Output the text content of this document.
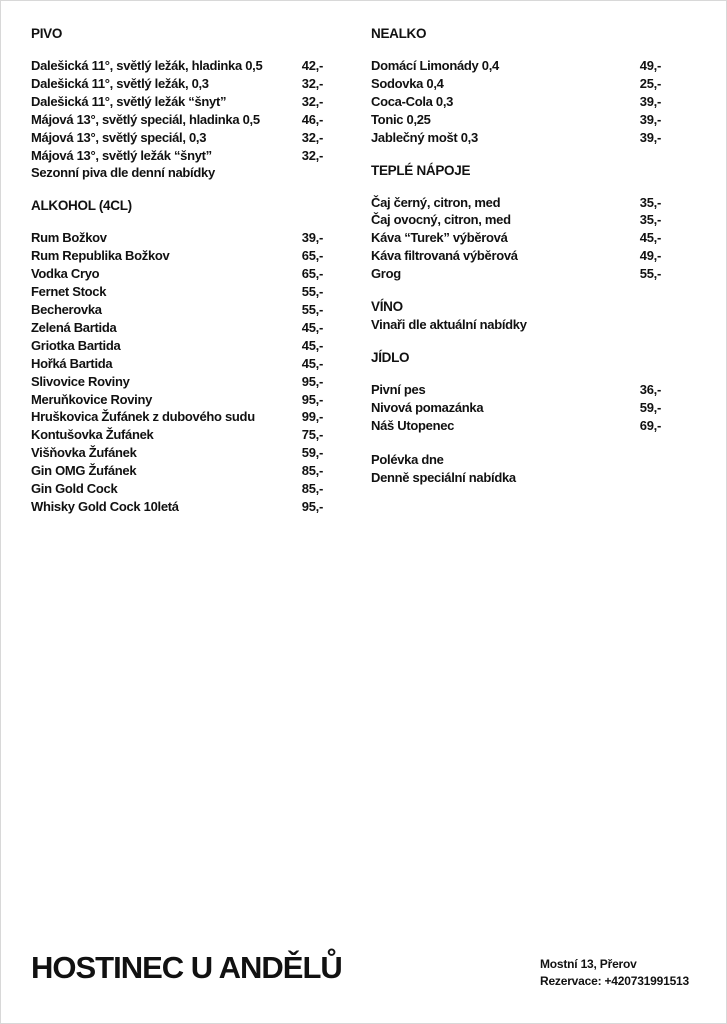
PIVO
Dalešická 11°, světlý ležák, hladinka 0,5	42,-
Dalešická 11°, světlý ležák, 0,3	32,-
Dalešická 11°, světlý ležák “šnyt”	32,-
Májová 13°, světlý speciál, hladinka 0,5	46,-
Májová 13°, světlý speciál, 0,3	32,-
Májová 13°, světlý ležák “šnyt”	32,-
Sezonní piva dle denní nabídky
ALKOHOL (4CL)
Rum Božkov	39,-
Rum Republika Božkov	65,-
Vodka Cryo	65,-
Fernet Stock	55,-
Becherovka	55,-
Zelená Bartida	45,-
Griotka Bartida	45,-
Hořká Bartida	45,-
Slivovice Roviny	95,-
Meruňkovice Roviny	95,-
Hruškovica Žufánek z dubového sudu	99,-
Kontušovka Žufánek	75,-
Višňovka Žufánek	59,-
Gin OMG Žufánek	85,-
Gin Gold Cock	85,-
Whisky Gold Cock 10letá	95,-
NEALKO
Domácí Limonády 0,4	49,-
Sodovka 0,4	25,-
Coca-Cola 0,3	39,-
Tonic 0,25	39,-
Jablečný mošt 0,3	39,-
TEPLÉ NÁPOJE
Čaj černý, citron, med	35,-
Čaj ovocný, citron, med	35,-
Káva “Turek” výběrová	45,-
Káva filtrovaná výběrová	49,-
Grog	55,-
VÍNO
Vinaři dle aktuální nabídky
JÍDLO
Pivní pes	36,-
Nivová pomazánka	59,-
Náš Utopenec	69,-
Polévka dne
Denně speciální nabídka
HOSTINEC U ANDĚLŮ	Mostní 13, Přerov
Rezervace: +420731991513
